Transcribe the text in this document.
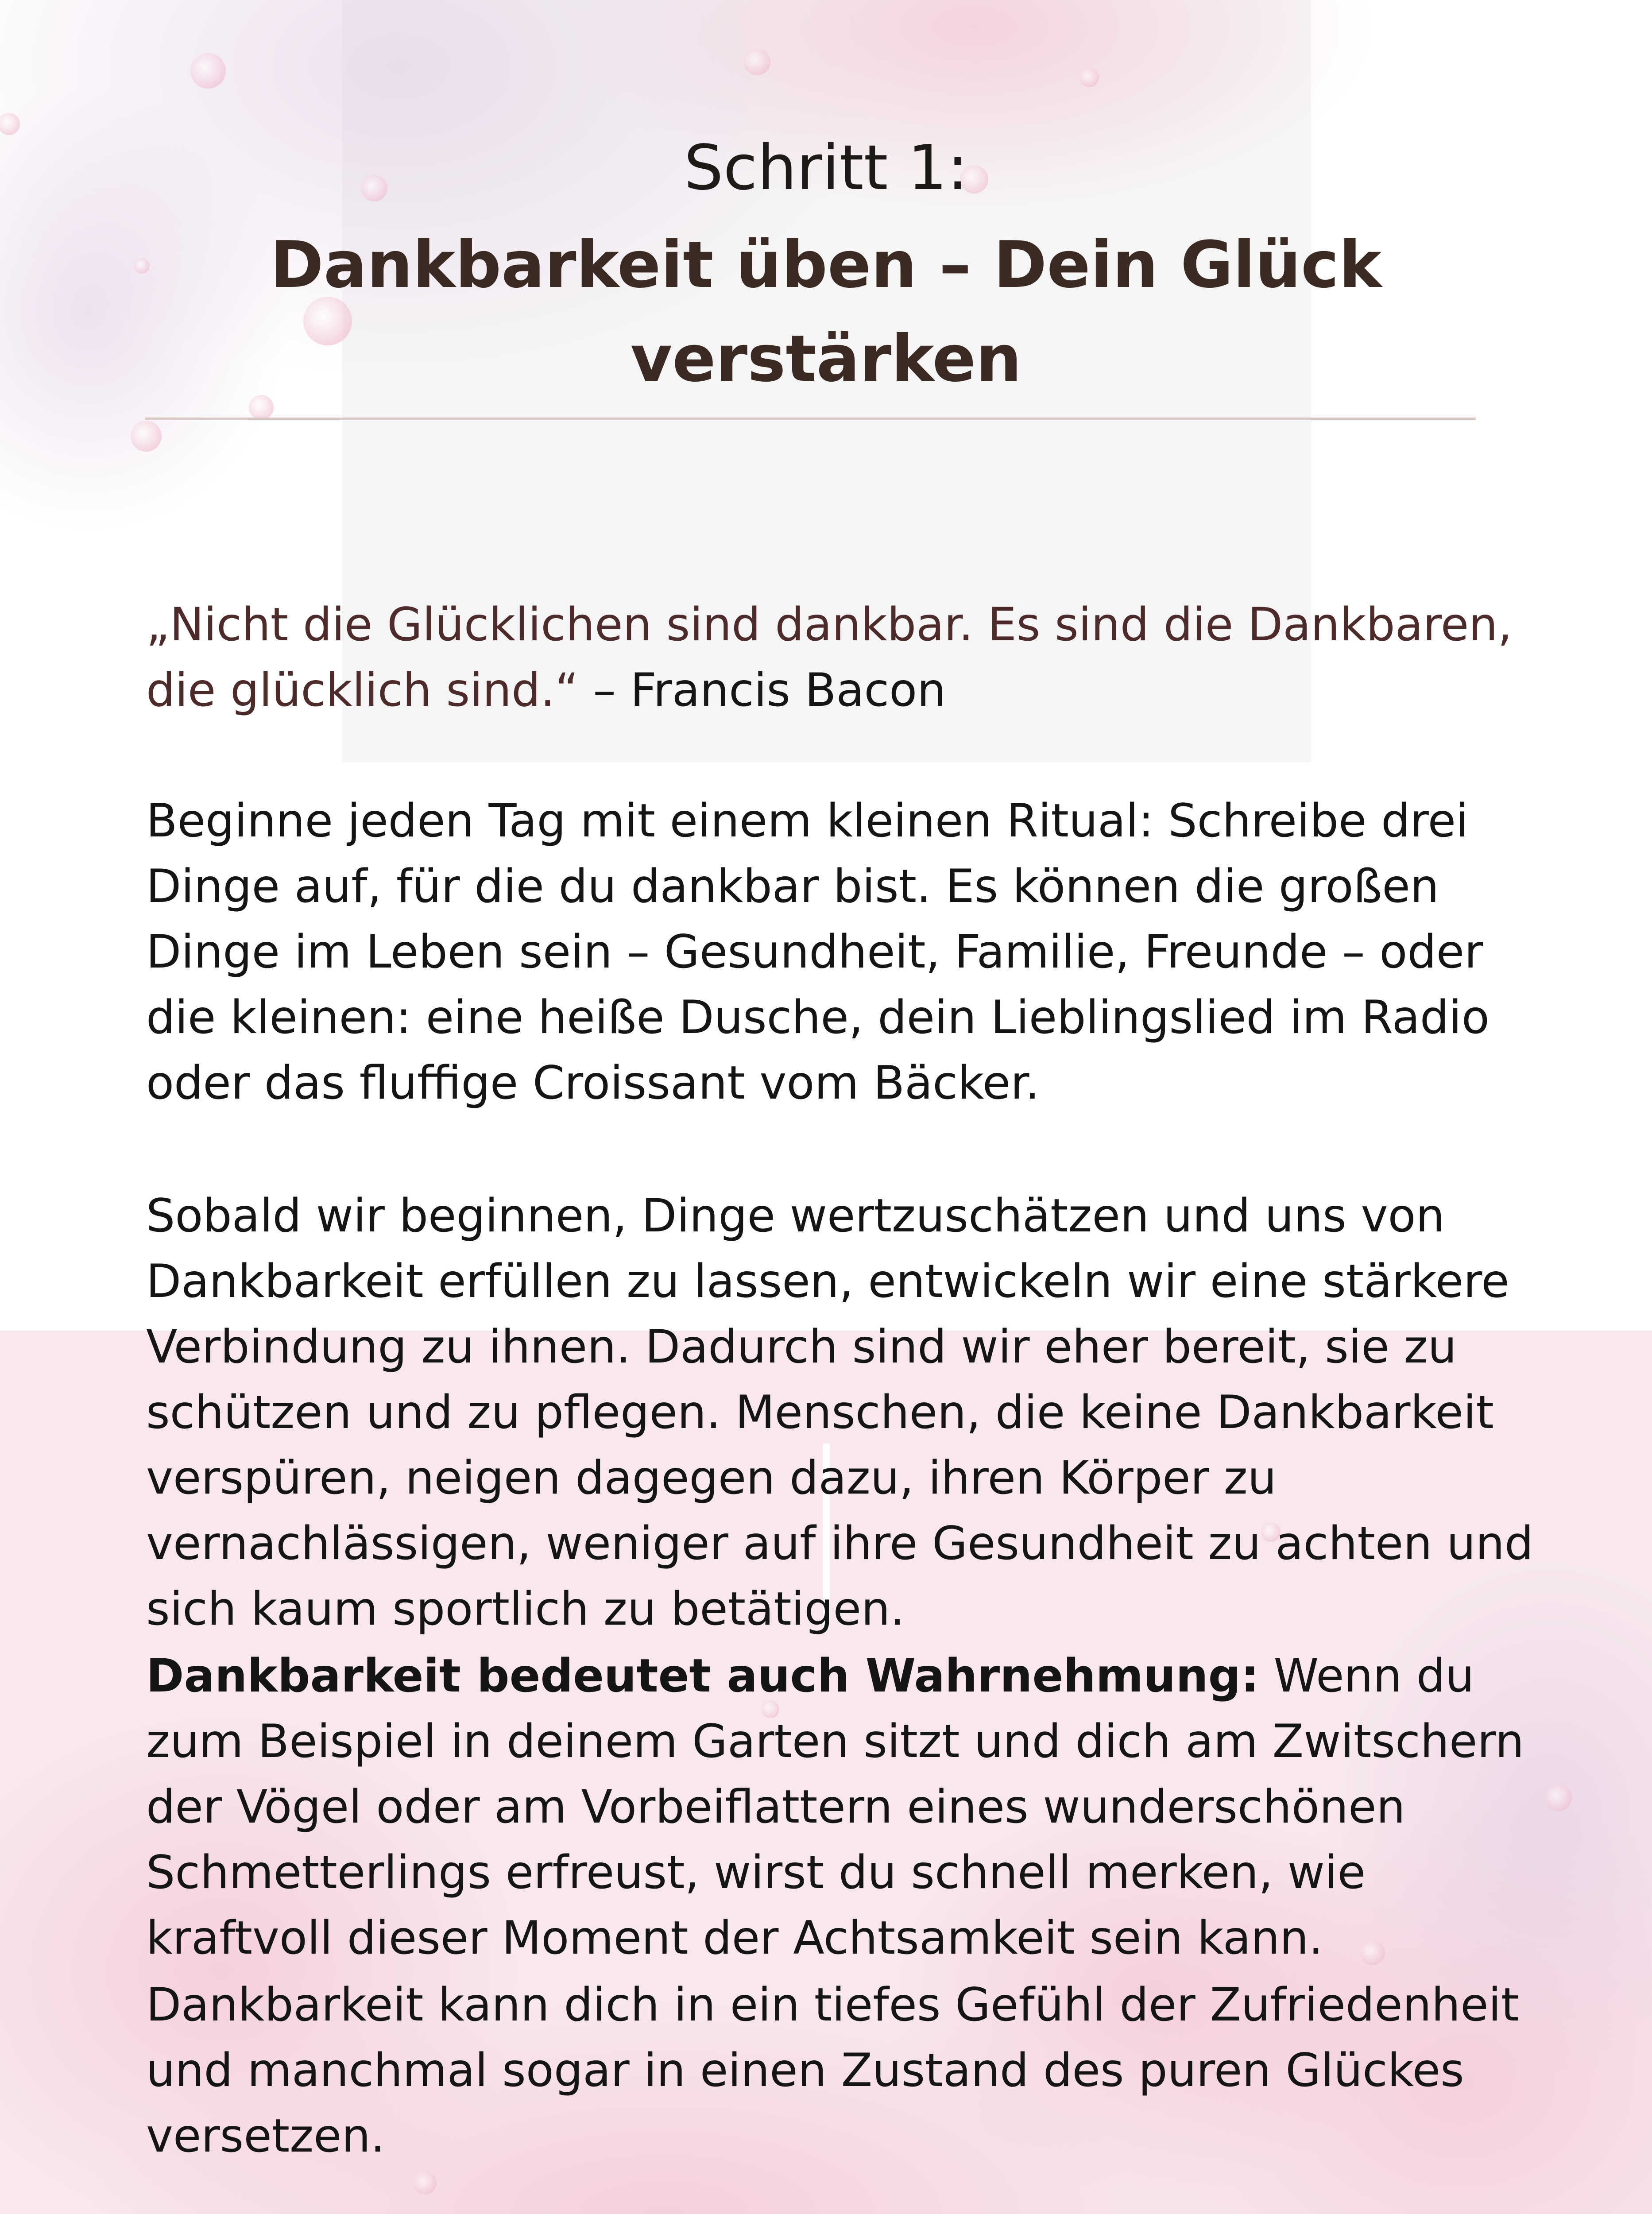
Schritt 1:
Dankbarkeit üben – Dein Glück verstärken

„Nicht die Glücklichen sind dankbar. Es sind die Dankbaren, die glücklich sind.“ – Francis Bacon

Beginne jeden Tag mit einem kleinen Ritual: Schreibe drei Dinge auf, für die du dankbar bist. Es können die großen Dinge im Leben sein – Gesundheit, Familie, Freunde – oder die kleinen: eine heiße Dusche, dein Lieblingslied im Radio oder das fluffige Croissant vom Bäcker.

Sobald wir beginnen, Dinge wertzuschätzen und uns von Dankbarkeit erfüllen zu lassen, entwickeln wir eine stärkere Verbindung zu ihnen. Dadurch sind wir eher bereit, sie zu schützen und zu pflegen. Menschen, die keine Dankbarkeit verspüren, neigen dagegen dazu, ihren Körper zu vernachlässigen, weniger auf ihre Gesundheit zu achten und sich kaum sportlich zu betätigen.

Dankbarkeit bedeutet auch Wahrnehmung: Wenn du zum Beispiel in deinem Garten sitzt und dich am Zwitschern der Vögel oder am Vorbeiflattern eines wunderschönen Schmetterlings erfreust, wirst du schnell merken, wie kraftvoll dieser Moment der Achtsamkeit sein kann.

Dankbarkeit kann dich in ein tiefes Gefühl der Zufriedenheit und manchmal sogar in einen Zustand des puren Glückes versetzen.
